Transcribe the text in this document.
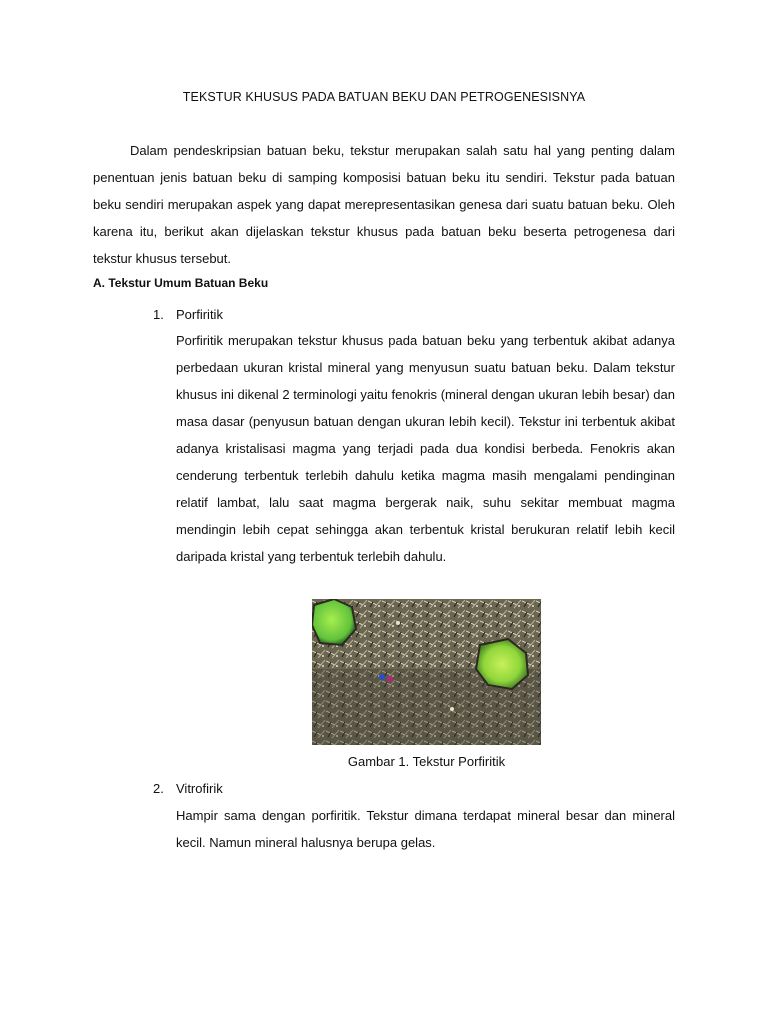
TEKSTUR KHUSUS PADA BATUAN BEKU DAN PETROGENESISNYA

Dalam pendeskripsian batuan beku, tekstur merupakan salah satu hal yang penting dalam penentuan jenis batuan beku di samping komposisi batuan beku itu sendiri. Tekstur pada batuan beku sendiri merupakan aspek yang dapat merepresentasikan genesa dari suatu batuan beku. Oleh karena itu, berikut akan dijelaskan tekstur khusus pada batuan beku beserta petrogenesa dari tekstur khusus tersebut.

A. Tekstur Umum Batuan Beku
1. Porfiritik

Porfiritik merupakan tekstur khusus pada batuan beku yang terbentuk akibat adanya perbedaan ukuran kristal mineral yang menyusun suatu batuan beku. Dalam tekstur khusus ini dikenal 2 terminologi yaitu fenokris (mineral dengan ukuran lebih besar) dan masa dasar (penyusun batuan dengan ukuran lebih kecil). Tekstur ini terbentuk akibat adanya kristalisasi magma yang terjadi pada dua kondisi berbeda. Fenokris akan cenderung terbentuk terlebih dahulu ketika magma masih mengalami pendinginan relatif lambat, lalu saat magma bergerak naik, suhu sekitar membuat magma mendingin lebih cepat sehingga akan terbentuk kristal berukuran relatif lebih kecil daripada kristal yang terbentuk terlebih dahulu.

Gambar 1. Tekstur Porfiritik
2. Vitrofirik

Hampir sama dengan porfiritik. Tekstur dimana terdapat mineral besar dan mineral kecil. Namun mineral halusnya berupa gelas.
